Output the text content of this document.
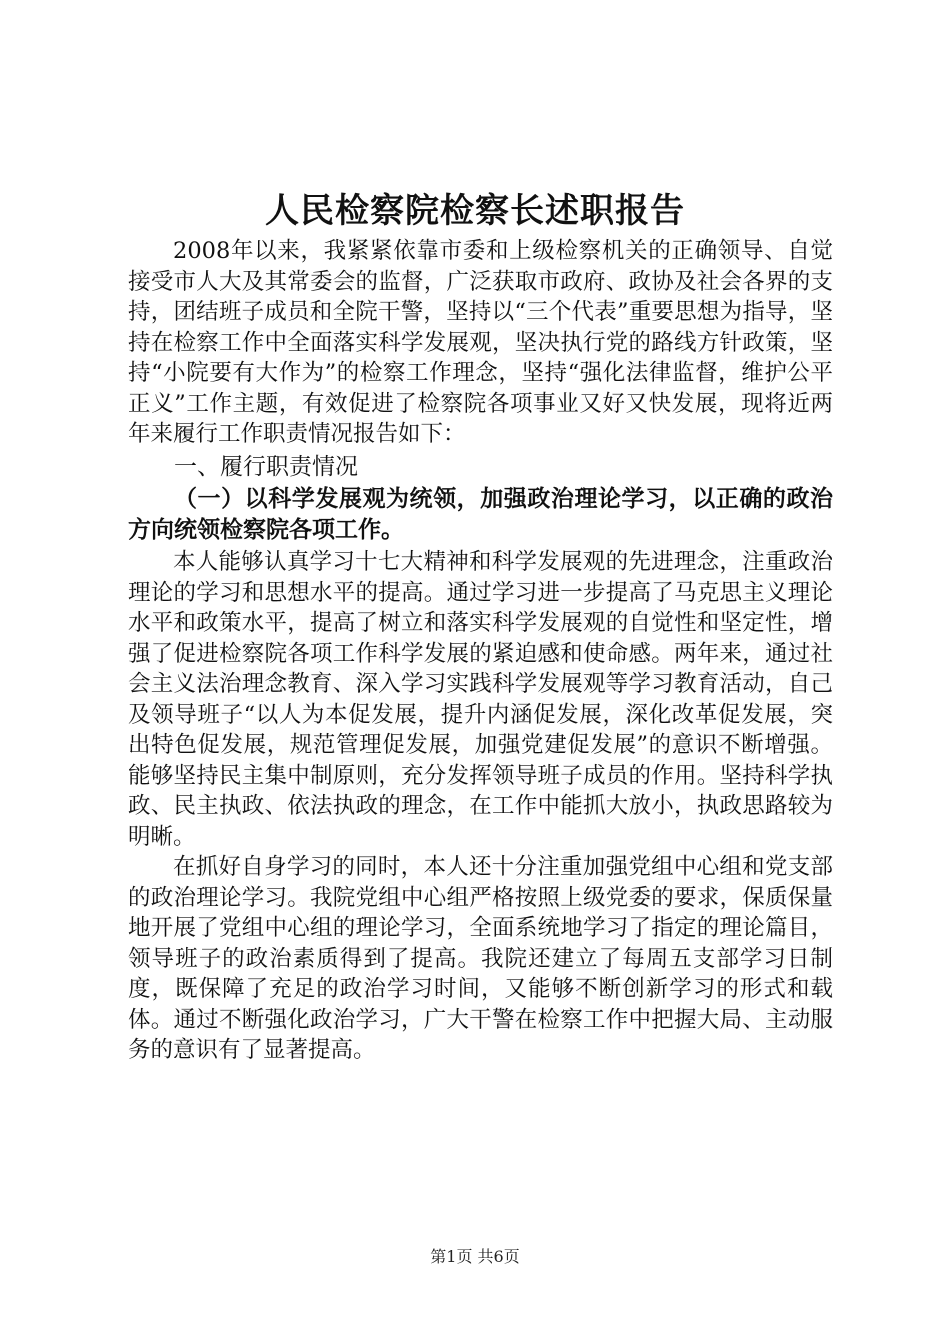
人民检察院检察长述职报告

2008年以来，我紧紧依靠市委和上级检察机关的正确领导、自觉接受市人大及其常委会的监督，广泛获取市政府、政协及社会各界的支持，团结班子成员和全院干警，坚持以“三个代表”重要思想为指导，坚持在检察工作中全面落实科学发展观，坚决执行党的路线方针政策，坚持“小院要有大作为”的检察工作理念，坚持“强化法律监督，维护公平正义”工作主题，有效促进了检察院各项事业又好又快发展，现将近两年来履行工作职责情况报告如下：

一、履行职责情况

（一）以科学发展观为统领，加强政治理论学习，以正确的政治方向统领检察院各项工作。

本人能够认真学习十七大精神和科学发展观的先进理念，注重政治理论的学习和思想水平的提高。通过学习进一步提高了马克思主义理论水平和政策水平，提高了树立和落实科学发展观的自觉性和坚定性，增强了促进检察院各项工作科学发展的紧迫感和使命感。两年来，通过社会主义法治理念教育、深入学习实践科学发展观等学习教育活动，自己及领导班子“以人为本促发展，提升内涵促发展，深化改革促发展，突出特色促发展，规范管理促发展，加强党建促发展”的意识不断增强。能够坚持民主集中制原则，充分发挥领导班子成员的作用。坚持科学执政、民主执政、依法执政的理念，在工作中能抓大放小，执政思路较为明晰。

在抓好自身学习的同时，本人还十分注重加强党组中心组和党支部的政治理论学习。我院党组中心组严格按照上级党委的要求，保质保量地开展了党组中心组的理论学习，全面系统地学习了指定的理论篇目，领导班子的政治素质得到了提高。我院还建立了每周五支部学习日制度，既保障了充足的政治学习时间，又能够不断创新学习的形式和载体。通过不断强化政治学习，广大干警在检察工作中把握大局、主动服务的意识有了显著提高。

第1页 共6页
